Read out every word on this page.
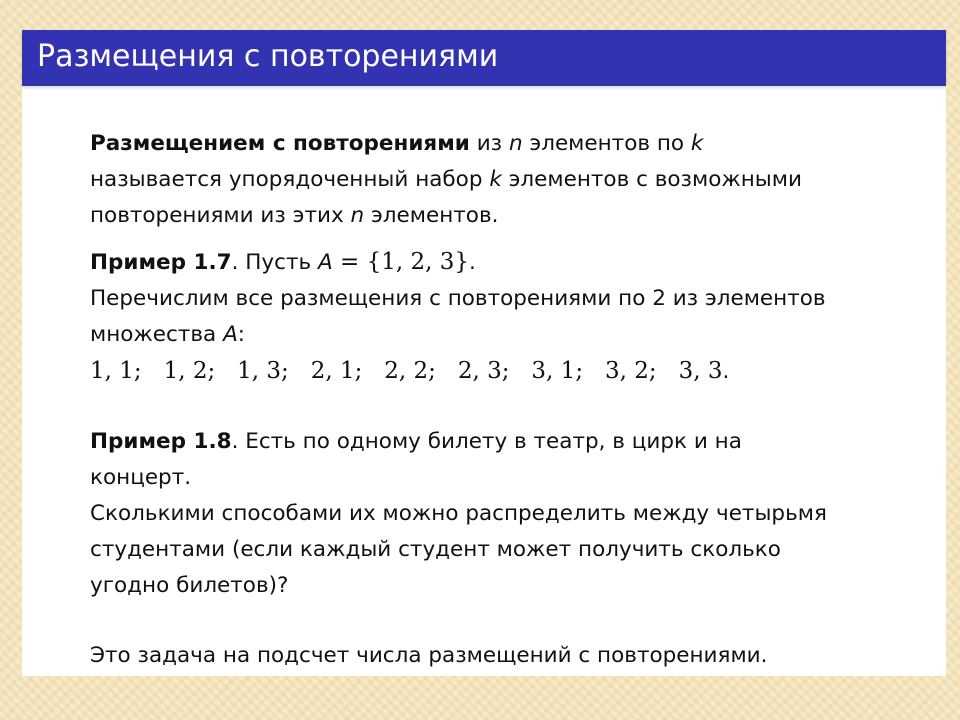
Размещения с повторениями
Размещением с повторениями из n элементов по k
называется упорядоченный набор k элементов с возможными
повторениями из этих n элементов.
Пример 1.7. Пусть A = {1, 2, 3}.
Перечислим все размещения с повторениями по 2 из элементов
множества A:
1, 1;   1, 2;   1, 3;   2, 1;   2, 2;   2, 3;   3, 1;   3, 2;   3, 3.
Пример 1.8. Есть по одному билету в театр, в цирк и на
концерт.
Сколькими способами их можно распределить между четырьмя
студентами (если каждый студент может получить сколько
угодно билетов)?
Это задача на подсчет числа размещений с повторениями.
